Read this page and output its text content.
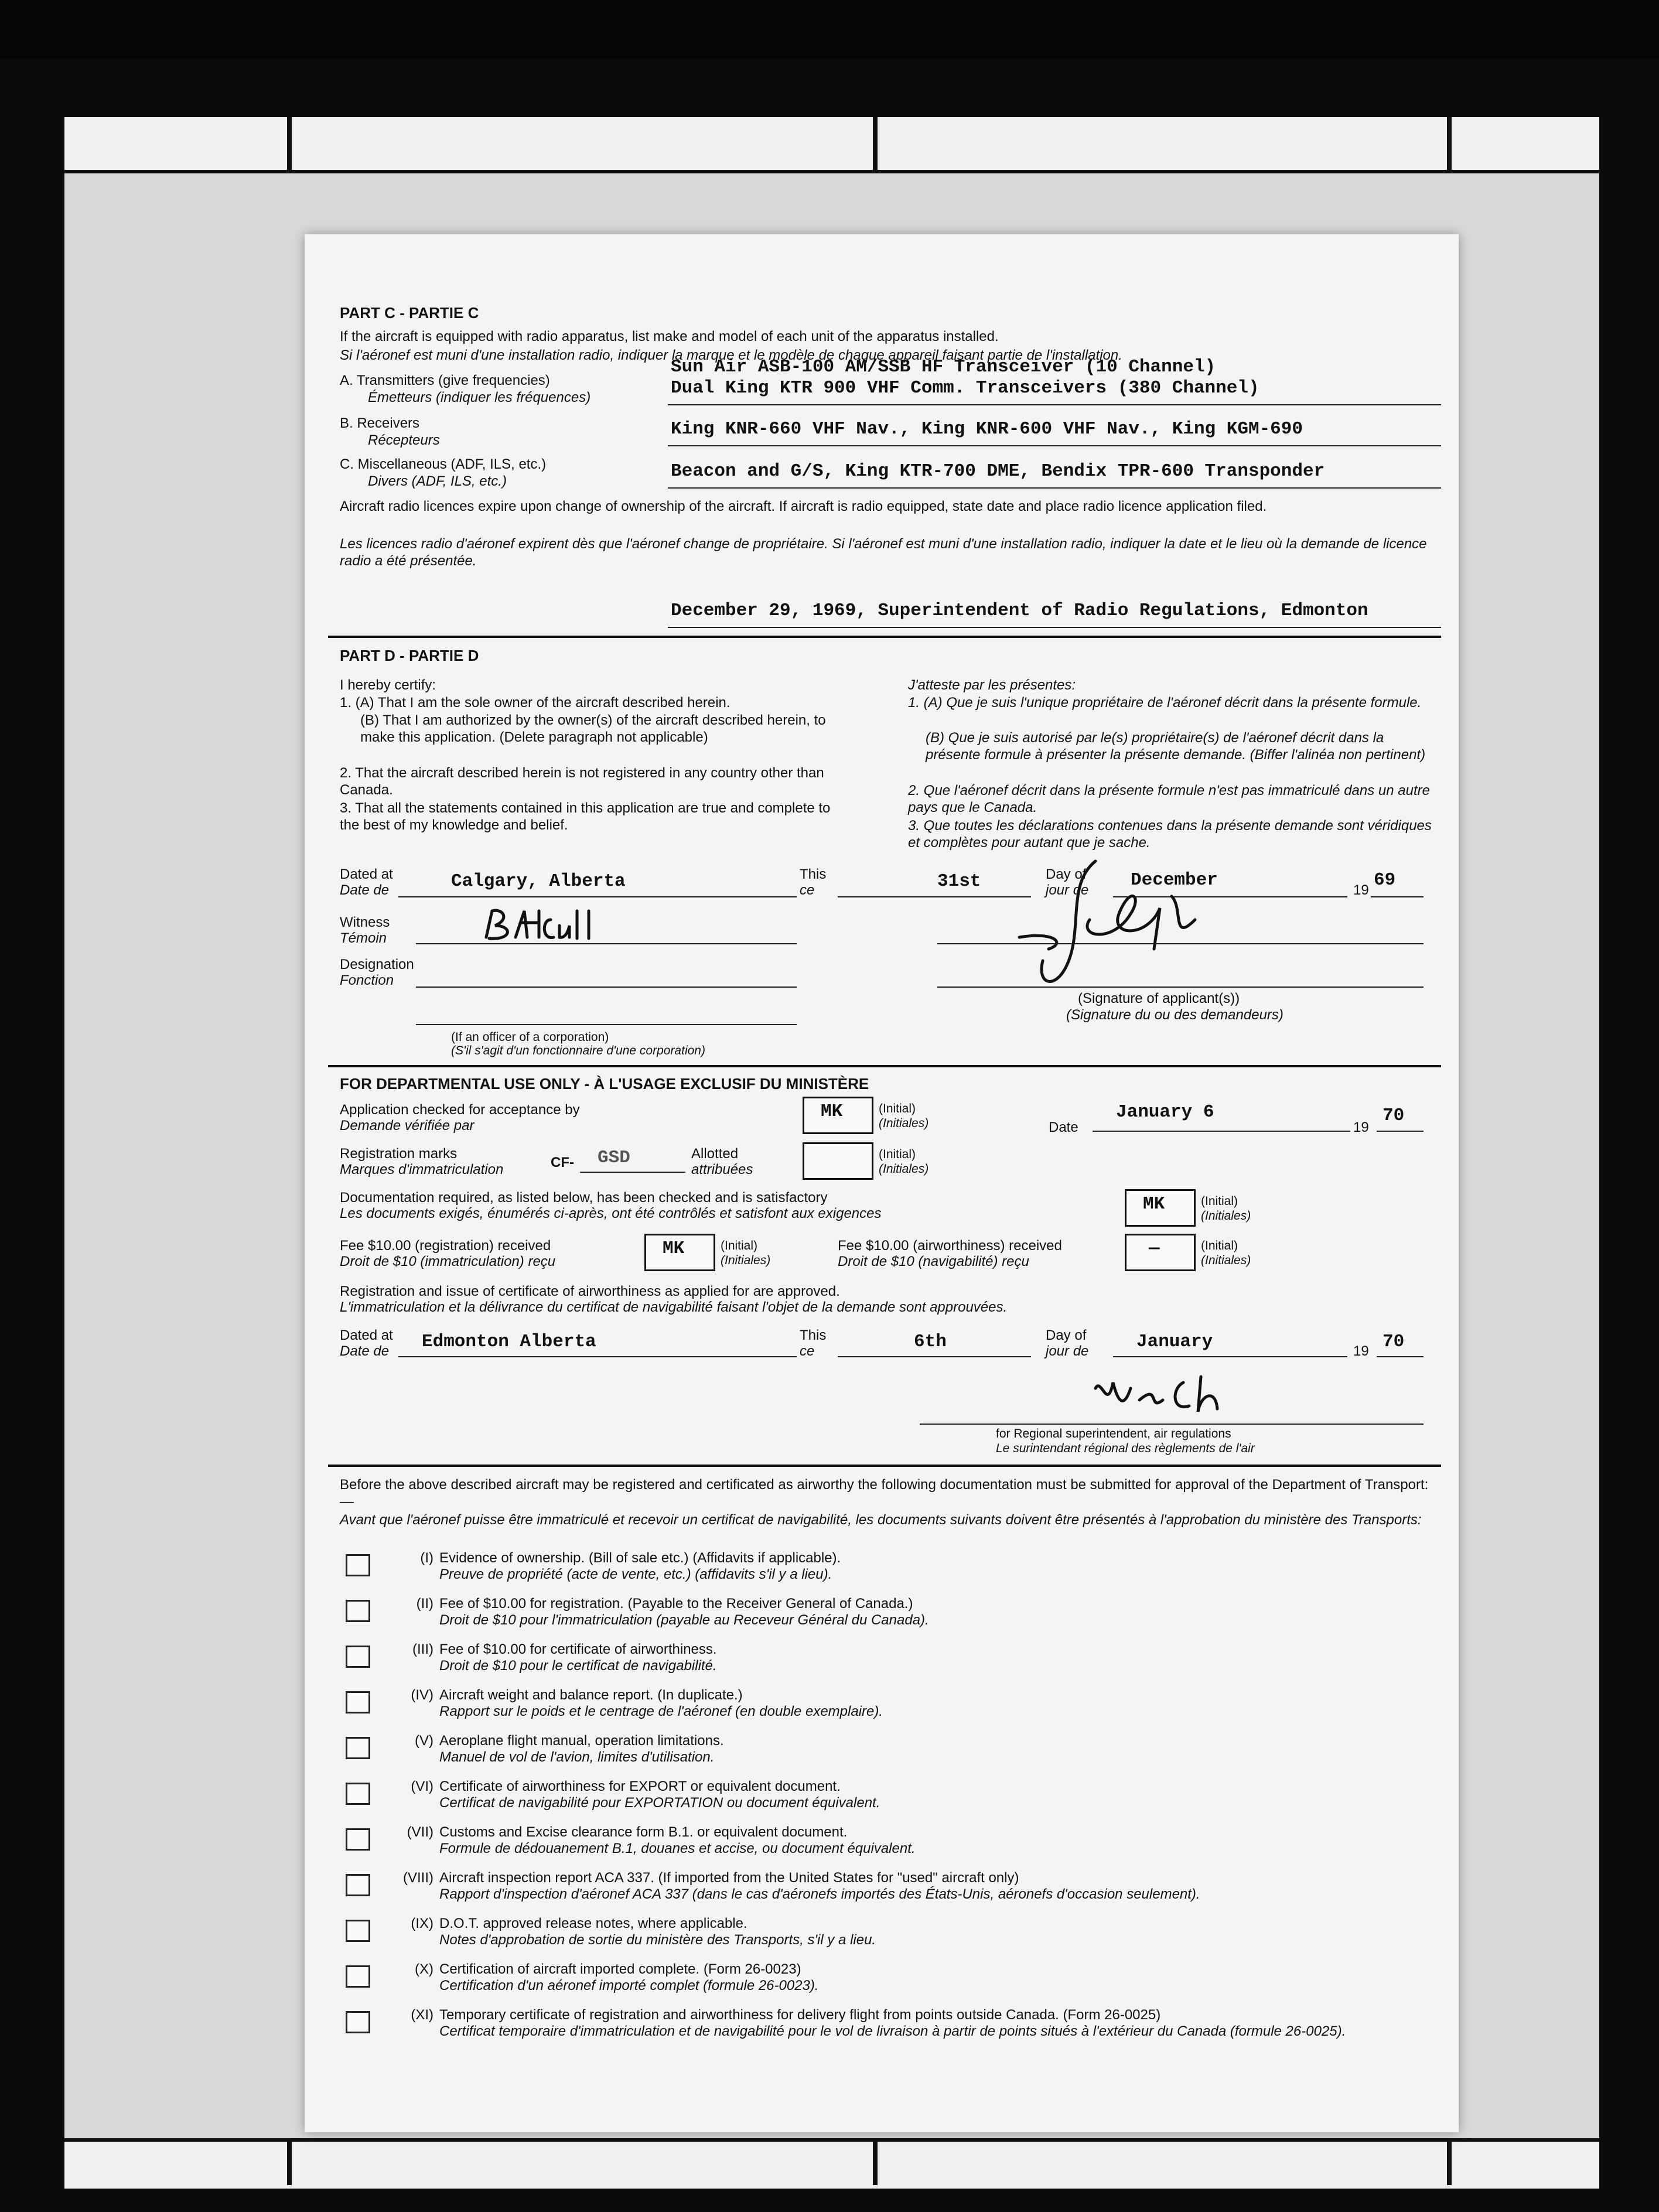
PART C - PARTIE C
If the aircraft is equipped with radio apparatus, list make and model of each unit of the apparatus installed.
Si l'aéronef est muni d'une installation radio, indiquer la marque et le modèle de chaque appareil faisant partie de l'installation.
A. Transmitters (give frequencies)
Émetteurs (indiquer les fréquences)
Sun Air ASB-100 AM/SSB HF Transceiver (10 Channel)
Dual King KTR 900 VHF Comm. Transceivers (380 Channel)
B. Receivers
Récepteurs
King KNR-660 VHF Nav., King KNR-600 VHF Nav., King KGM-690
C. Miscellaneous (ADF, ILS, etc.)
Divers (ADF, ILS, etc.)	Beacon and G/S, King KTR-700 DME, Bendix TPR-600 Transponder
Aircraft radio licences expire upon change of ownership of the aircraft. If aircraft is radio equipped, state date and place radio licence application filed.
Les licences radio d'aéronef expirent dès que l'aéronef change de propriétaire. Si l'aéronef est muni d'une installation radio, indiquer la date et le lieu où la demande de licence radio a été présentée.
December 29, 1969, Superintendent of Radio Regulations, Edmonton
PART D - PARTIE D
I hereby certify:
1. (A) That I am the sole owner of the aircraft described herein.
(B) That I am authorized by the owner(s) of the aircraft described herein, to make this application. (Delete paragraph not applicable)
2. That the aircraft described herein is not registered in any country other than Canada.
3. That all the statements contained in this application are true and complete to the best of my knowledge and belief.
J'atteste par les présentes:
1. (A) Que je suis l'unique propriétaire de l'aéronef décrit dans la présente formule.
(B) Que je suis autorisé par le(s) propriétaire(s) de l'aéronef décrit dans la présente formule à présenter la présente demande. (Biffer l'alinéa non pertinent)
2. Que l'aéronef décrit dans la présente formule n'est pas immatriculé dans un autre pays que le Canada.
3. Que toutes les déclarations contenues dans la présente demande sont véridiques et complètes pour autant que je sache.
Dated at
Date de	Calgary, Alberta	This
ce	31st	Day of
jour de December	19 69
Witness
Témoin
Designation
Fonction
(If an officer of a corporation)
(S'il s'agit d'un fonctionnaire d'une corporation)
(Signature of applicant(s))
(Signature du ou des demandeurs)
FOR DEPARTMENTAL USE ONLY - À L'USAGE EXCLUSIF DU MINISTÈRE
Application checked for acceptance by
Demande vérifiée par
MK	(Initial)
(Initiales)	Date
January 6
19
70
Registration marks
Marques d'immatriculation	CF- GSD	Allotted
attribuées
(Initial)
(Initiales)
Documentation required, as listed below, has been checked and is satisfactory
Les documents exigés, énumérés ci-après, ont été contrôlés et satisfont aux exigences	MK	(Initial)
(Initiales)
Fee $10.00 (registration) received
Droit de $10 (immatriculation) reçu
MK	(Initial)
(Initiales)
Fee $10.00 (airworthiness) received
Droit de $10 (navigabilité) reçu
—	(Initial)
(Initiales)
Registration and issue of certificate of airworthiness as applied for are approved.
L'immatriculation et la délivrance du certificat de navigabilité faisant l'objet de la demande sont approuvées.
Dated at
Date de Edmonton Alberta	This
ce	6th	Day of
jour de	January	19 70
for Regional superintendent, air regulations
Le surintendant régional des règlements de l'air
Before the above described aircraft may be registered and certificated as airworthy the following documentation must be submitted for approval of the Department of Transport: —
Avant que l'aéronef puisse être immatriculé et recevoir un certificat de navigabilité, les documents suivants doivent être présentés à l'approbation du ministère des Transports:
(I) Evidence of ownership. (Bill of sale etc.) (Affidavits if applicable).
Preuve de propriété (acte de vente, etc.) (affidavits s'il y a lieu).
(II) Fee of $10.00 for registration. (Payable to the Receiver General of Canada.)
Droit de $10 pour l'immatriculation (payable au Receveur Général du Canada).
(III) Fee of $10.00 for certificate of airworthiness.
Droit de $10 pour le certificat de navigabilité.
(IV) Aircraft weight and balance report. (In duplicate.)
Rapport sur le poids et le centrage de l'aéronef (en double exemplaire).
(V) Aeroplane flight manual, operation limitations.
Manuel de vol de l'avion, limites d'utilisation.
(VI) Certificate of airworthiness for EXPORT or equivalent document.
Certificat de navigabilité pour EXPORTATION ou document équivalent.
(VII) Customs and Excise clearance form B.1. or equivalent document.
Formule de dédouanement B.1, douanes et accise, ou document équivalent.
(VIII) Aircraft inspection report ACA 337. (If imported from the United States for "used" aircraft only)
Rapport d'inspection d'aéronef ACA 337 (dans le cas d'aéronefs importés des États-Unis, aéronefs d'occasion seulement).
(IX) D.O.T. approved release notes, where applicable.
Notes d'approbation de sortie du ministère des Transports, s'il y a lieu.
(X) Certification of aircraft imported complete. (Form 26-0023)
Certification d'un aéronef importé complet (formule 26-0023).
(XI) Temporary certificate of registration and airworthiness for delivery flight from points outside Canada. (Form 26-0025)
Certificat temporaire d'immatriculation et de navigabilité pour le vol de livraison à partir de points situés à l'extérieur du Canada (formule 26-0025).
